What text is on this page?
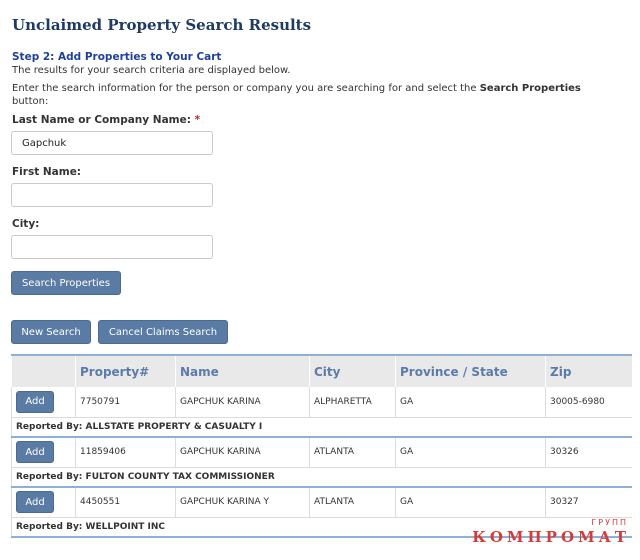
Unclaimed Property Search Results
Step 2: Add Properties to Your Cart
The results for your search criteria are displayed below.
Enter the search information for the person or company you are searching for and select the Search Properties button:
Last Name or Company Name: *
Gapchuk
First Name:
City:
Search Properties
New Search	Cancel Claims Search
	Property#	Name	City	Province / State	Zip
Add	7750791	GAPCHUK KARINA	ALPHARETTA	GA	30005-6980
Reported By: ALLSTATE PROPERTY & CASUALTY I					
Add	11859406	GAPCHUK KARINA	ATLANTA	GA	30326
Reported By: FULTON COUNTY TAX COMMISSIONER					
Add	4450551	GAPCHUK KARINA Y	ATLANTA	GA	30327
Reported By: WELLPOINT INC						ГРУПП
КОМПРОМАТ
